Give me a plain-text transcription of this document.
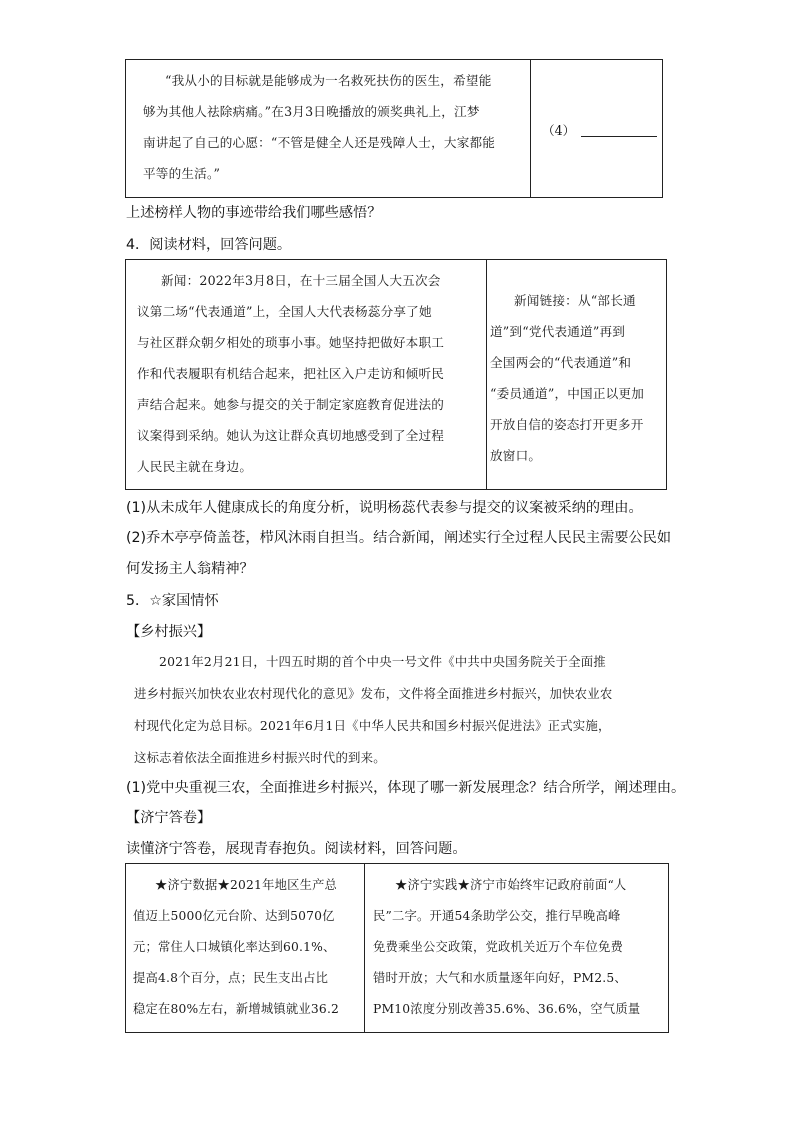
“我从小的目标就是能够成为一名救死扶伤的医生，希望能
够为其他人祛除病痛。”在3月3日晚播放的颁奖典礼上，江梦
南讲起了自己的心愿：“不管是健全人还是残障人士，大家都能
平等的生活。”
（4）
上述榜样人物的事迹带给我们哪些感悟？
4．阅读材料，回答问题。
新闻：2022年3月8日，在十三届全国人大五次会
议第二场“代表通道”上，全国人大代表杨蕊分享了她
与社区群众朝夕相处的琐事小事。她坚持把做好本职工
作和代表履职有机结合起来，把社区入户走访和倾听民
声结合起来。她参与提交的关于制定家庭教育促进法的
议案得到采纳。她认为这让群众真切地感受到了全过程
人民民主就在身边。
新闻链接：从“部长通
道”到“党代表通道”再到
全国两会的“代表通道”和
“委员通道”，中国正以更加
开放自信的姿态打开更多开
放窗口。
(1)从未成年人健康成长的角度分析，说明杨蕊代表参与提交的议案被采纳的理由。
(2)乔木亭亭倚盖苍，栉风沐雨自担当。结合新闻，阐述实行全过程人民民主需要公民如
何发扬主人翁精神？
5．☆家国情怀
【乡村振兴】
2021年2月21日，十四五时期的首个中央一号文件《中共中央国务院关于全面推
进乡村振兴加快农业农村现代化的意见》发布，文件将全面推进乡村振兴，加快农业农
村现代化定为总目标。2021年6月1日《中华人民共和国乡村振兴促进法》正式实施，
这标志着依法全面推进乡村振兴时代的到来。
(1)党中央重视三农，全面推进乡村振兴，体现了哪一新发展理念？结合所学，阐述理由。
【济宁答卷】
读懂济宁答卷，展现青春抱负。阅读材料，回答问题。
★济宁数据★2021年地区生产总
值迈上5000亿元台阶、达到5070亿
元；常住人口城镇化率达到60.1%、
提高4.8个百分，点；民生支出占比
稳定在80%左右，新增城镇就业36.2
★济宁实践★济宁市始终牢记政府前面“人
民”二字。开通54条助学公交，推行早晚高峰
免费乘坐公交政策，党政机关近万个车位免费
错时开放；大气和水质量逐年向好，PM2.5、
PM10浓度分别改善35.6%、36.6%，空气质量
